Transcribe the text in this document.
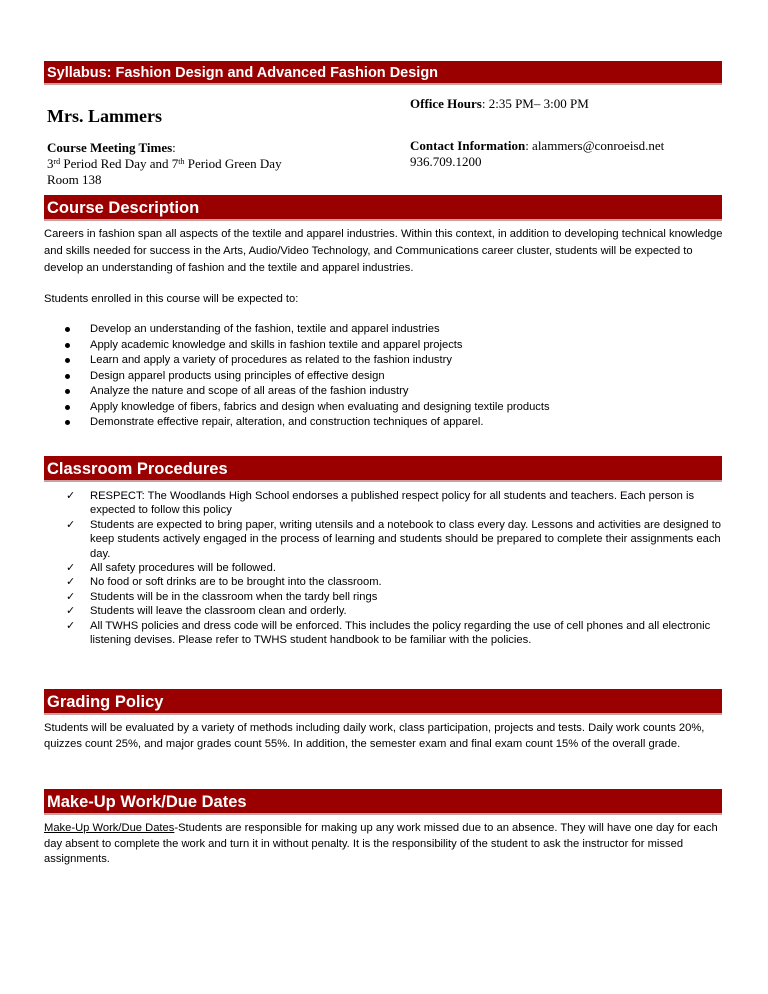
Syllabus: Fashion Design and Advanced Fashion Design
Mrs. Lammers
Course Meeting Times:
3rd Period Red Day and 7th Period Green Day
Room 138
Office Hours: 2:35 PM– 3:00 PM
Contact Information: alammers@conroeisd.net
936.709.1200
Course Description
Careers in fashion span all aspects of the textile and apparel industries. Within this context, in addition to developing technical knowledge and skills needed for success in the Arts, Audio/Video Technology, and Communications career cluster, students will be expected to develop an understanding of fashion and the textile and apparel industries.
Students enrolled in this course will be expected to:
Develop an understanding of the fashion, textile and apparel industries
Apply academic knowledge and skills in fashion textile and apparel projects
Learn and apply a variety of procedures as related to the fashion industry
Design apparel products using principles of effective design
Analyze the nature and scope of all areas of the fashion industry
Apply knowledge of fibers, fabrics and design when evaluating and designing textile products
Demonstrate effective repair, alteration, and construction techniques of apparel.
Classroom Procedures
✓ RESPECT: The Woodlands High School endorses a published respect policy for all students and teachers. Each person is expected to follow this policy
✓ Students are expected to bring paper, writing utensils and a notebook to class every day. Lessons and activities are designed to keep students actively engaged in the process of learning and students should be prepared to complete their assignments each day.
✓ All safety procedures will be followed.
✓ No food or soft drinks are to be brought into the classroom.
✓ Students will be in the classroom when the tardy bell rings
✓ Students will leave the classroom clean and orderly.
✓ All TWHS policies and dress code will be enforced. This includes the policy regarding the use of cell phones and all electronic listening devises. Please refer to TWHS student handbook to be familiar with the policies.
Grading Policy
Students will be evaluated by a variety of methods including daily work, class participation, projects and tests. Daily work counts 20%, quizzes count 25%, and major grades count 55%. In addition, the semester exam and final exam count 15% of the overall grade.
Make-Up Work/Due Dates
Make-Up Work/Due Dates-Students are responsible for making up any work missed due to an absence. They will have one day for each day absent to complete the work and turn it in without penalty. It is the responsibility of the student to ask the instructor for missed assignments.
